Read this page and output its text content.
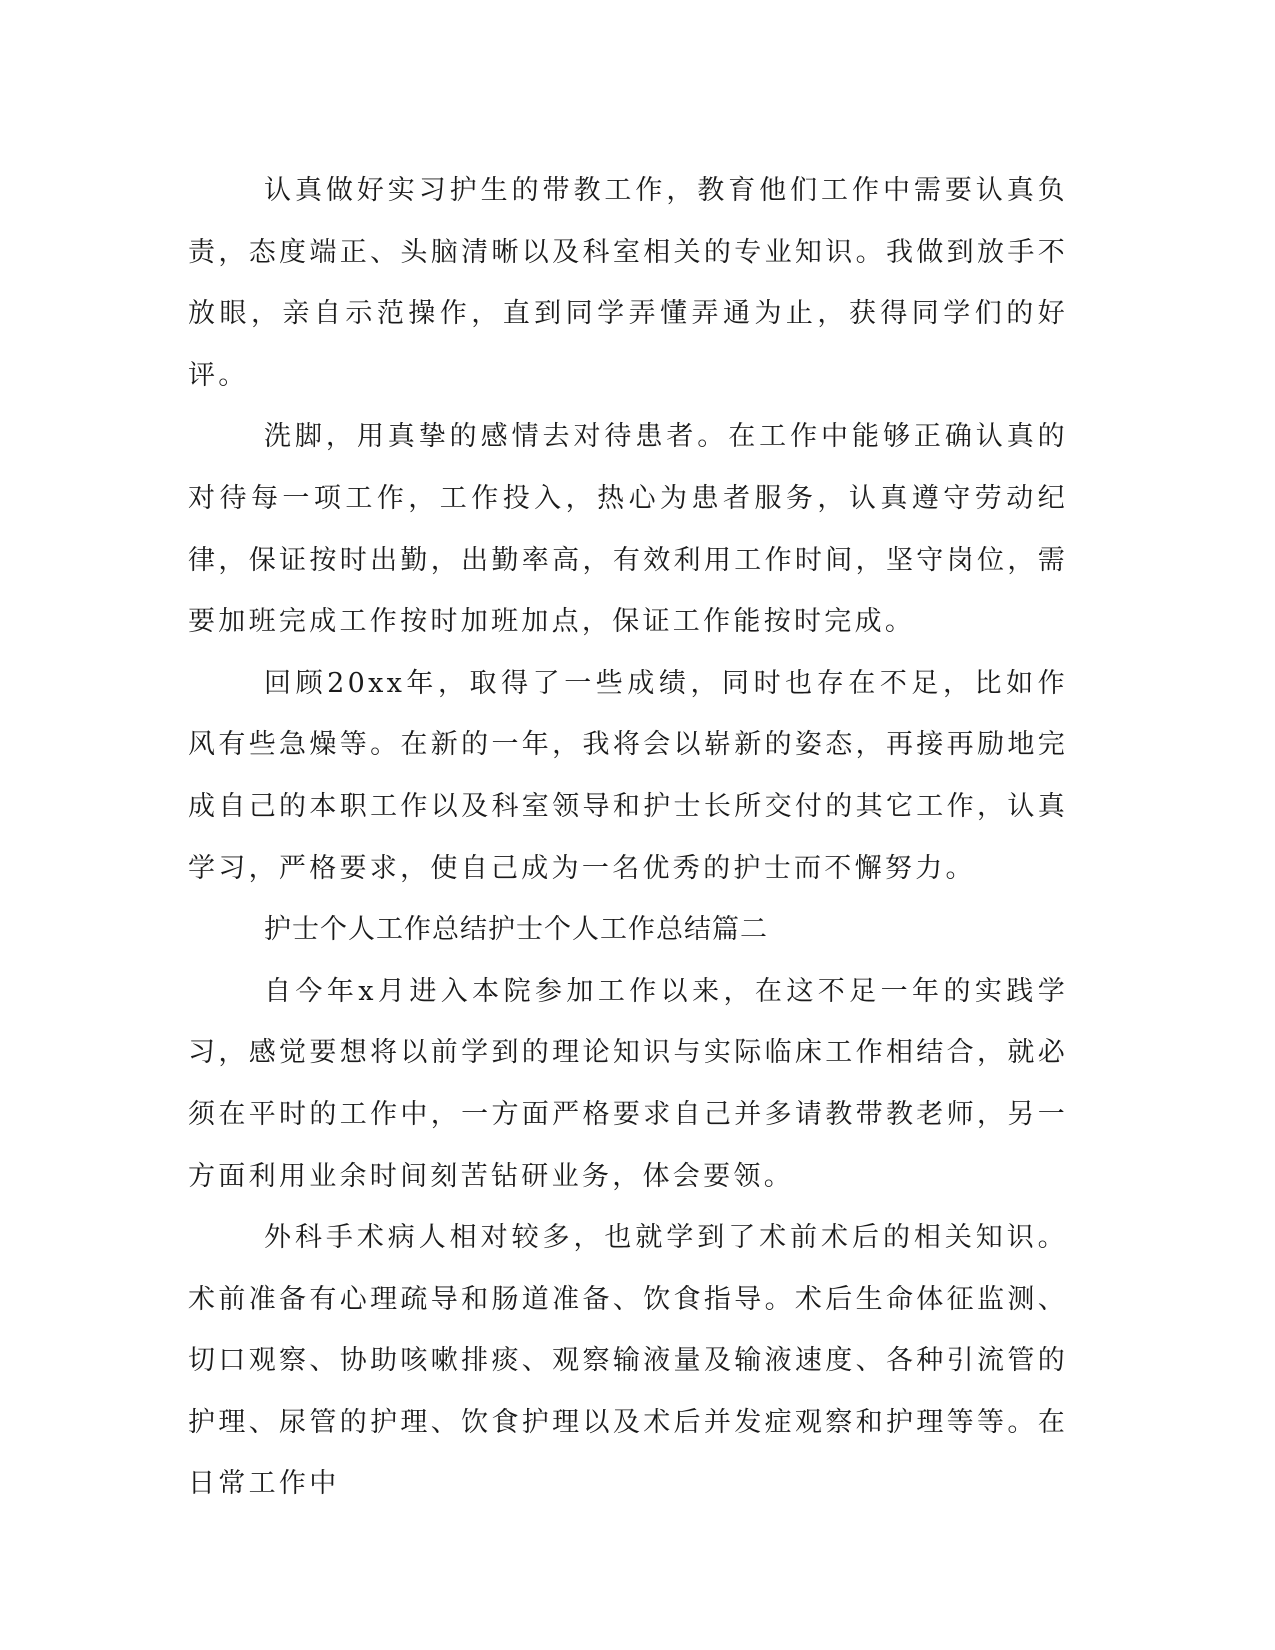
认真做好实习护生的带教工作，教育他们工作中需要认真负责，态度端正、头脑清晰以及科室相关的专业知识。我做到放手不放眼，亲自示范操作，直到同学弄懂弄通为止，获得同学们的好评。

洗脚，用真挚的感情去对待患者。在工作中能够正确认真的对待每一项工作，工作投入，热心为患者服务，认真遵守劳动纪律，保证按时出勤，出勤率高，有效利用工作时间，坚守岗位，需要加班完成工作按时加班加点，保证工作能按时完成。

回顾20xx年，取得了一些成绩，同时也存在不足，比如作风有些急燥等。在新的一年，我将会以崭新的姿态，再接再励地完成自己的本职工作以及科室领导和护士长所交付的其它工作，认真学习，严格要求，使自己成为一名优秀的护士而不懈努力。

护士个人工作总结护士个人工作总结篇二

自今年x月进入本院参加工作以来，在这不足一年的实践学习，感觉要想将以前学到的理论知识与实际临床工作相结合，就必须在平时的工作中，一方面严格要求自己并多请教带教老师，另一方面利用业余时间刻苦钻研业务，体会要领。

外科手术病人相对较多，也就学到了术前术后的相关知识。术前准备有心理疏导和肠道准备、饮食指导。术后生命体征监测、切口观察、协助咳嗽排痰、观察输液量及输液速度、各种引流管的护理、尿管的护理、饮食护理以及术后并发症观察和护理等等。在日常工作中
